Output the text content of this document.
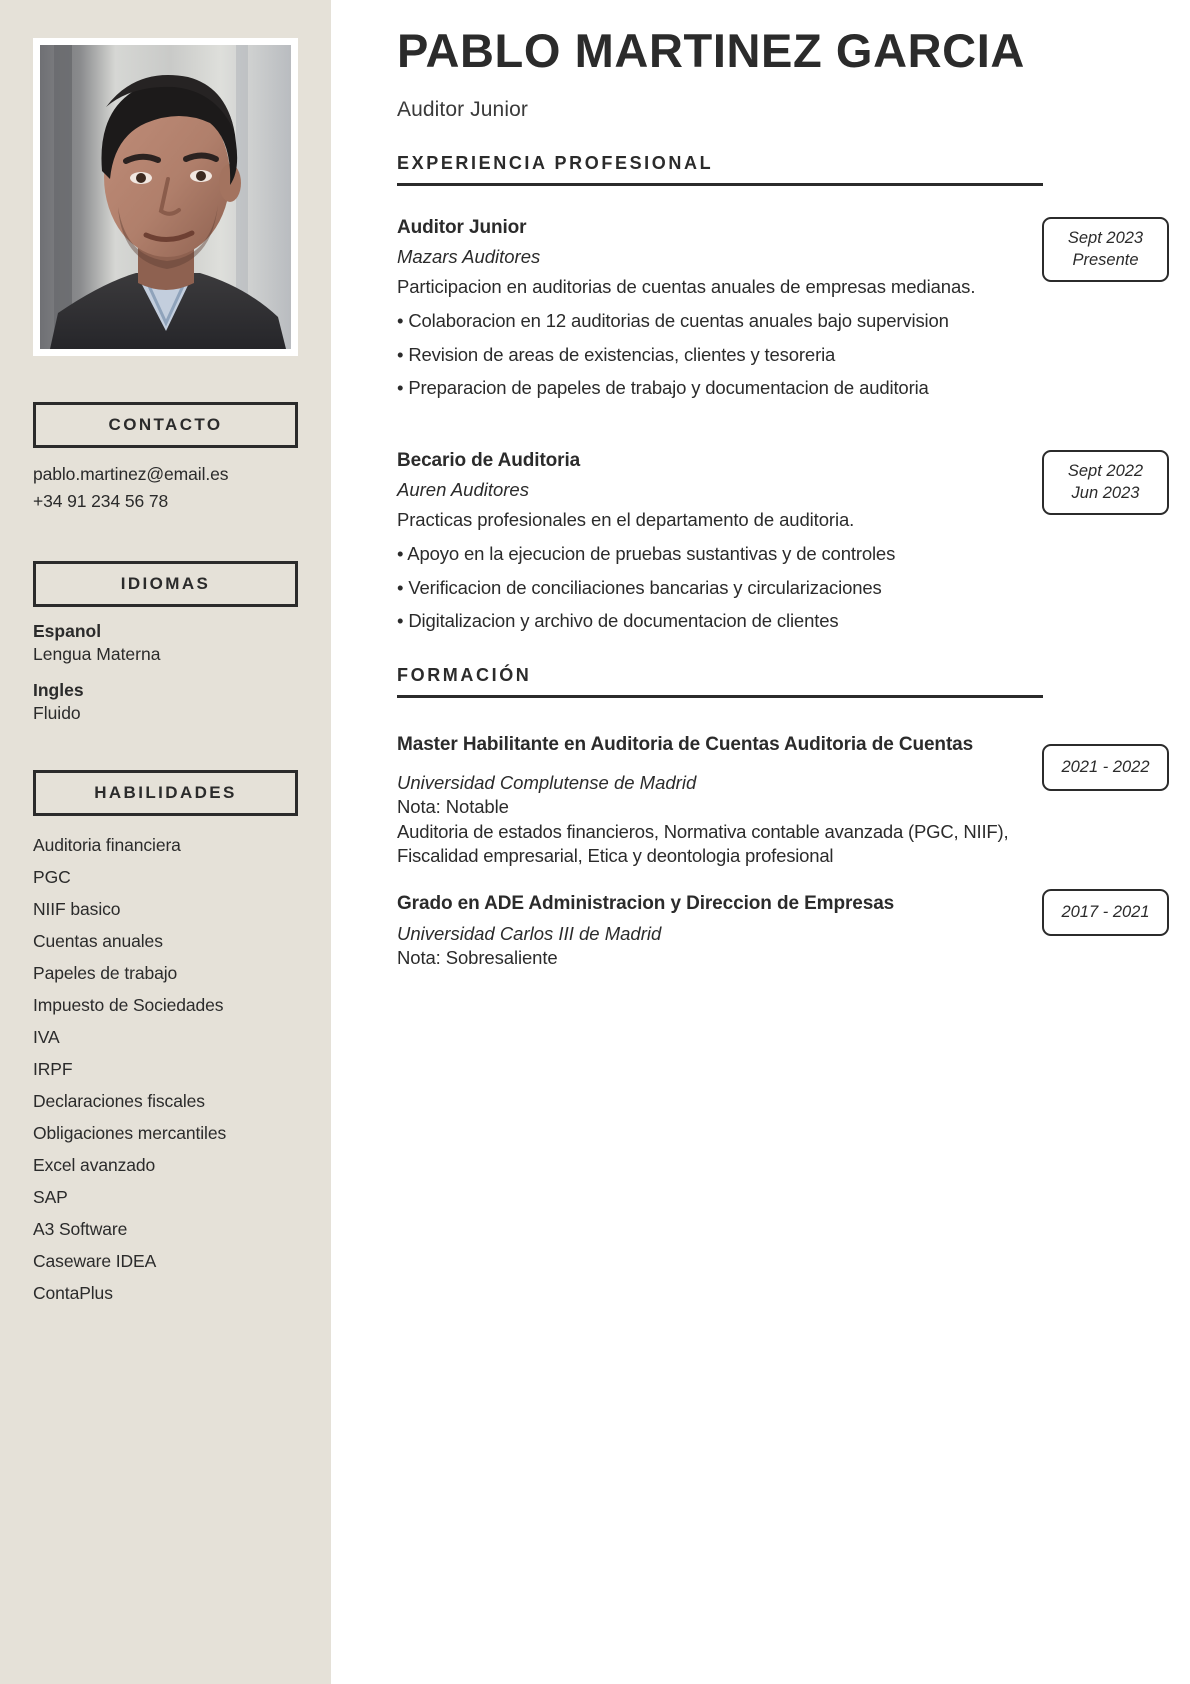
CONTACTO
pablo.martinez@email.es
+34 91 234 56 78
IDIOMAS
Espanol
Lengua Materna
Ingles
Fluido
HABILIDADES
Auditoria financiera
PGC
NIIF basico
Cuentas anuales
Papeles de trabajo
Impuesto de Sociedades
IVA
IRPF
Declaraciones fiscales
Obligaciones mercantiles
Excel avanzado
SAP
A3 Software
Caseware IDEA
ContaPlus
PABLO MARTINEZ GARCIA
Auditor Junior
EXPERIENCIA PROFESIONAL
Sept 2023
Presente
Auditor Junior
Mazars Auditores
Participacion en auditorias de cuentas anuales de empresas medianas.
• Colaboracion en 12 auditorias de cuentas anuales bajo supervision
• Revision de areas de existencias, clientes y tesoreria
• Preparacion de papeles de trabajo y documentacion de auditoria
Sept 2022
Jun 2023
Becario de Auditoria
Auren Auditores
Practicas profesionales en el departamento de auditoria.
• Apoyo en la ejecucion de pruebas sustantivas y de controles
• Verificacion de conciliaciones bancarias y circularizaciones
• Digitalizacion y archivo de documentacion de clientes
FORMACIÓN
2021 - 2022
Master Habilitante en Auditoria de Cuentas Auditoria de Cuentas
Universidad Complutense de Madrid
Nota: Notable
Auditoria de estados financieros, Normativa contable avanzada (PGC, NIIF), Fiscalidad empresarial, Etica y deontologia profesional
2017 - 2021
Grado en ADE Administracion y Direccion de Empresas
Universidad Carlos III de Madrid
Nota: Sobresaliente
